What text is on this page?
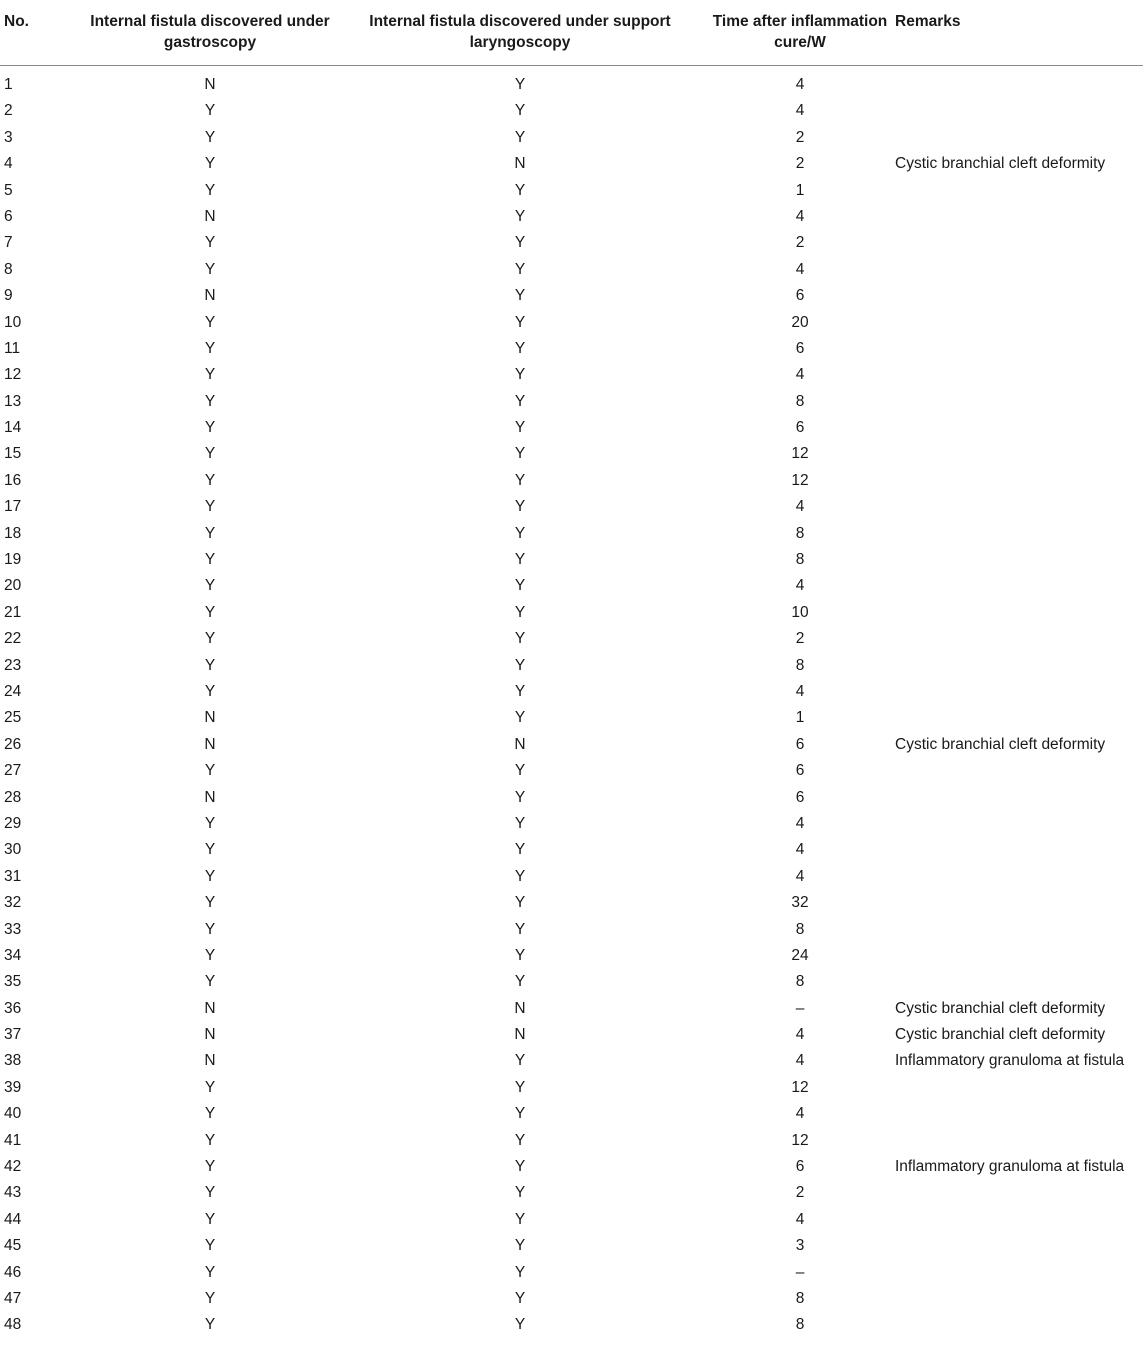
No.	Internal fistula discovered under gastroscopy	Internal fistula discovered under support laryngoscopy	Time after inflammation cure/W	Remarks
1	N	Y	4	
2	Y	Y	4	
3	Y	Y	2	
4	Y	N	2	Cystic branchial cleft deformity
5	Y	Y	1	
6	N	Y	4	
7	Y	Y	2	
8	Y	Y	4	
9	N	Y	6	
10	Y	Y	20	
11	Y	Y	6	
12	Y	Y	4	
13	Y	Y	8	
14	Y	Y	6	
15	Y	Y	12	
16	Y	Y	12	
17	Y	Y	4	
18	Y	Y	8	
19	Y	Y	8	
20	Y	Y	4	
21	Y	Y	10	
22	Y	Y	2	
23	Y	Y	8	
24	Y	Y	4	
25	N	Y	1	
26	N	N	6	Cystic branchial cleft deformity
27	Y	Y	6	
28	N	Y	6	
29	Y	Y	4	
30	Y	Y	4	
31	Y	Y	4	
32	Y	Y	32	
33	Y	Y	8	
34	Y	Y	24	
35	Y	Y	8	
36	N	N	–	Cystic branchial cleft deformity
37	N	N	4	Cystic branchial cleft deformity
38	N	Y	4	Inflammatory granuloma at fistula
39	Y	Y	12	
40	Y	Y	4	
41	Y	Y	12	
42	Y	Y	6	Inflammatory granuloma at fistula
43	Y	Y	2	
44	Y	Y	4	
45	Y	Y	3	
46	Y	Y	–	
47	Y	Y	8	
48	Y	Y	8	
